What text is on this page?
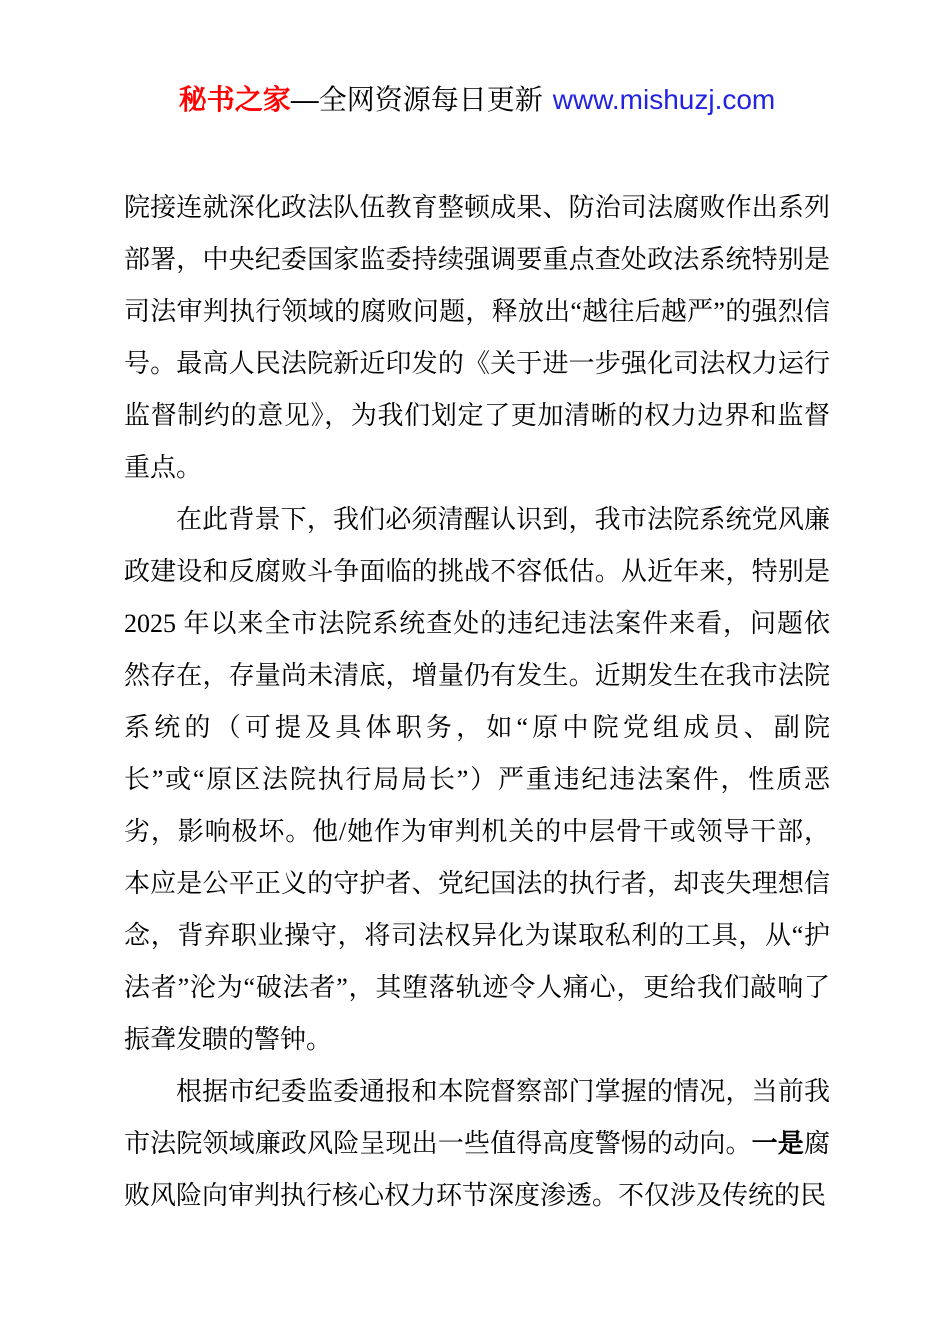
秘书之家—全网资源每日更新 www.mishuzj.com

院接连就深化政法队伍教育整顿成果、防治司法腐败作出系列部署，中央纪委国家监委持续强调要重点查处政法系统特别是司法审判执行领域的腐败问题，释放出“越往后越严”的强烈信号。最高人民法院新近印发的《关于进一步强化司法权力运行监督制约的意见》，为我们划定了更加清晰的权力边界和监督重点。

在此背景下，我们必须清醒认识到，我市法院系统党风廉政建设和反腐败斗争面临的挑战不容低估。从近年来，特别是 2025 年以来全市法院系统查处的违纪违法案件来看，问题依然存在，存量尚未清底，增量仍有发生。近期发生在我市法院系统的（可提及具体职务，如“原中院党组成员、副院长”或“原区法院执行局局长”）严重违纪违法案件，性质恶劣，影响极坏。他/她作为审判机关的中层骨干或领导干部，本应是公平正义的守护者、党纪国法的执行者，却丧失理想信念，背弃职业操守，将司法权异化为谋取私利的工具，从“护法者”沦为“破法者”，其堕落轨迹令人痛心，更给我们敲响了振聋发聩的警钟。

根据市纪委监委通报和本院督察部门掌握的情况，当前我市法院领域廉政风险呈现出一些值得高度警惕的动向。一是腐败风险向审判执行核心权力环节深度渗透。不仅涉及传统的民
